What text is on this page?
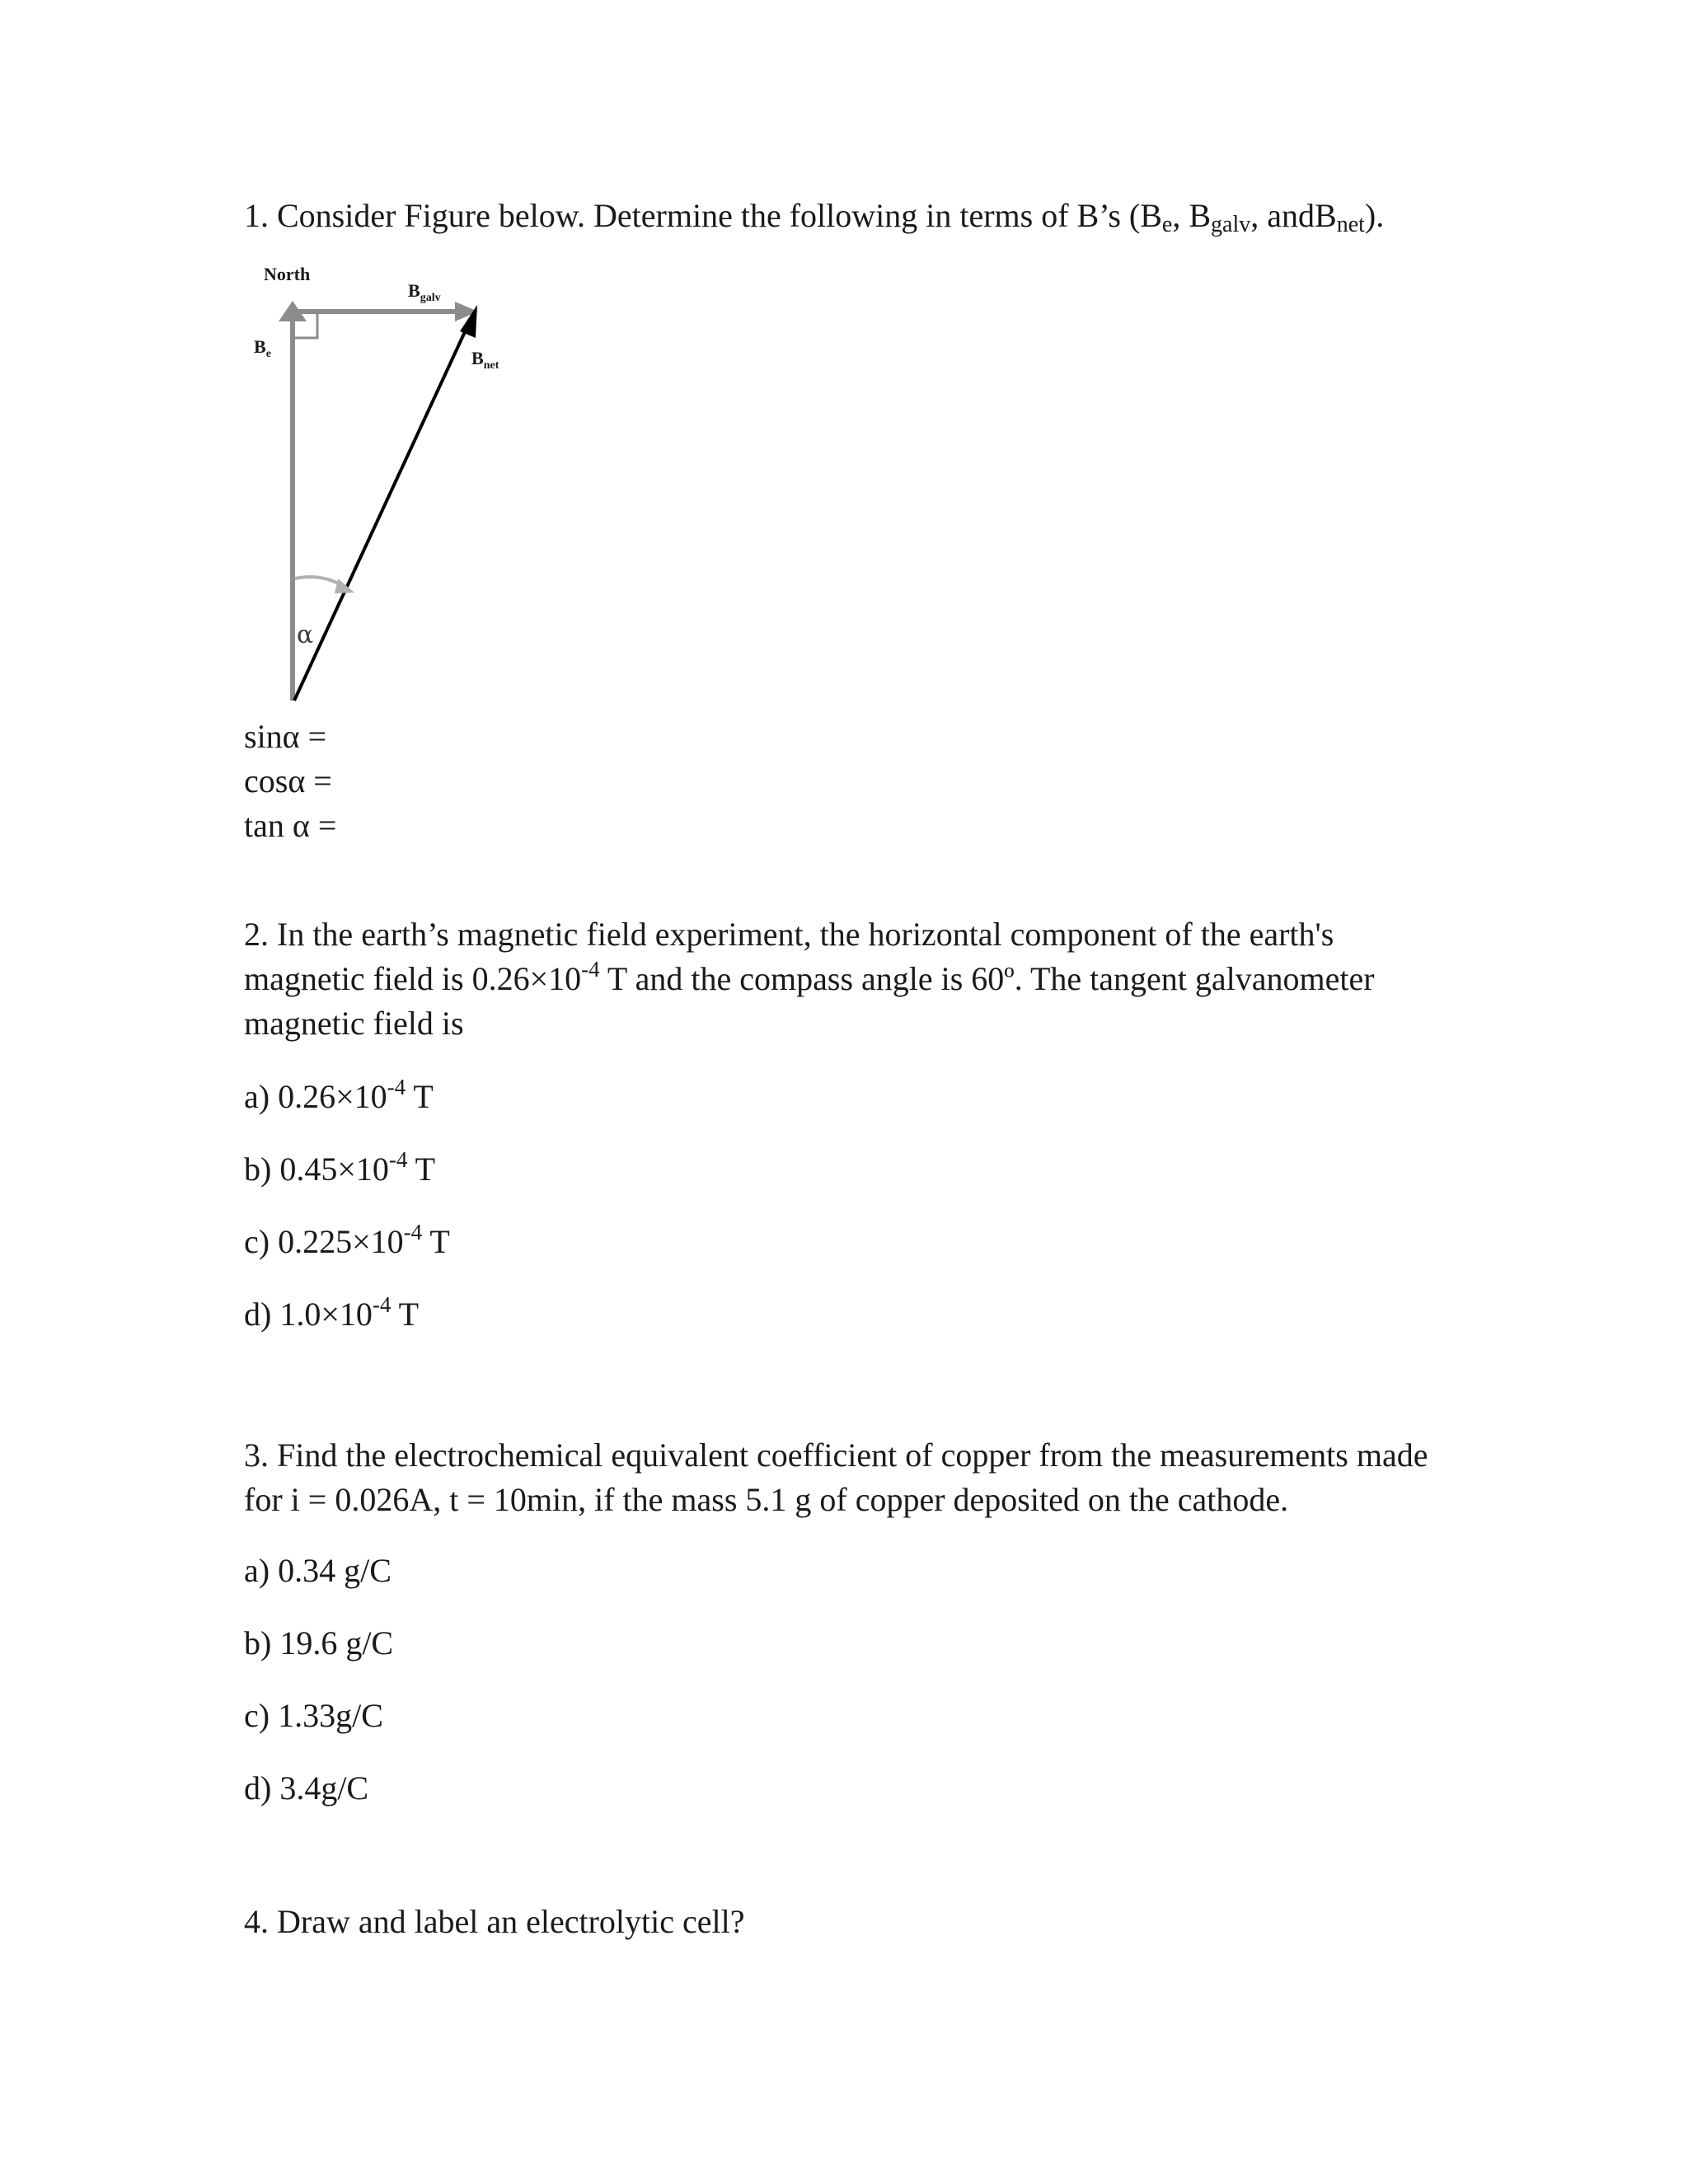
1. Consider Figure below. Determine the following in terms of B’s ($B_e$, $B_{galv}$, andB$_{net}$).
North
$B_e$
$B_{galv}$
$B_{net}$
α
sinα =
cosα =
tan α =
2. In the earth’s magnetic field experiment, the horizontal component of the earth's
magnetic field is $0.26\times 10^{-4}$ T and the compass angle is 60º. The tangent galvanometer
magnetic field is
a) $0.26\times 10^{-4}$ T
b) $0.45\times 10^{-4}$ T
c) $0.225\times 10^{-4}$ T
d) $1.0\times 10^{-4}$ T
3. Find the electrochemical equivalent coefficient of copper from the measurements made
for i = 0.026A, t = 10min, if the mass 5.1 g of copper deposited on the cathode.
a) 0.34 g/C
b) 19.6 g/C
c) 1.33g/C
d) 3.4g/C
4. Draw and label an electrolytic cell?
